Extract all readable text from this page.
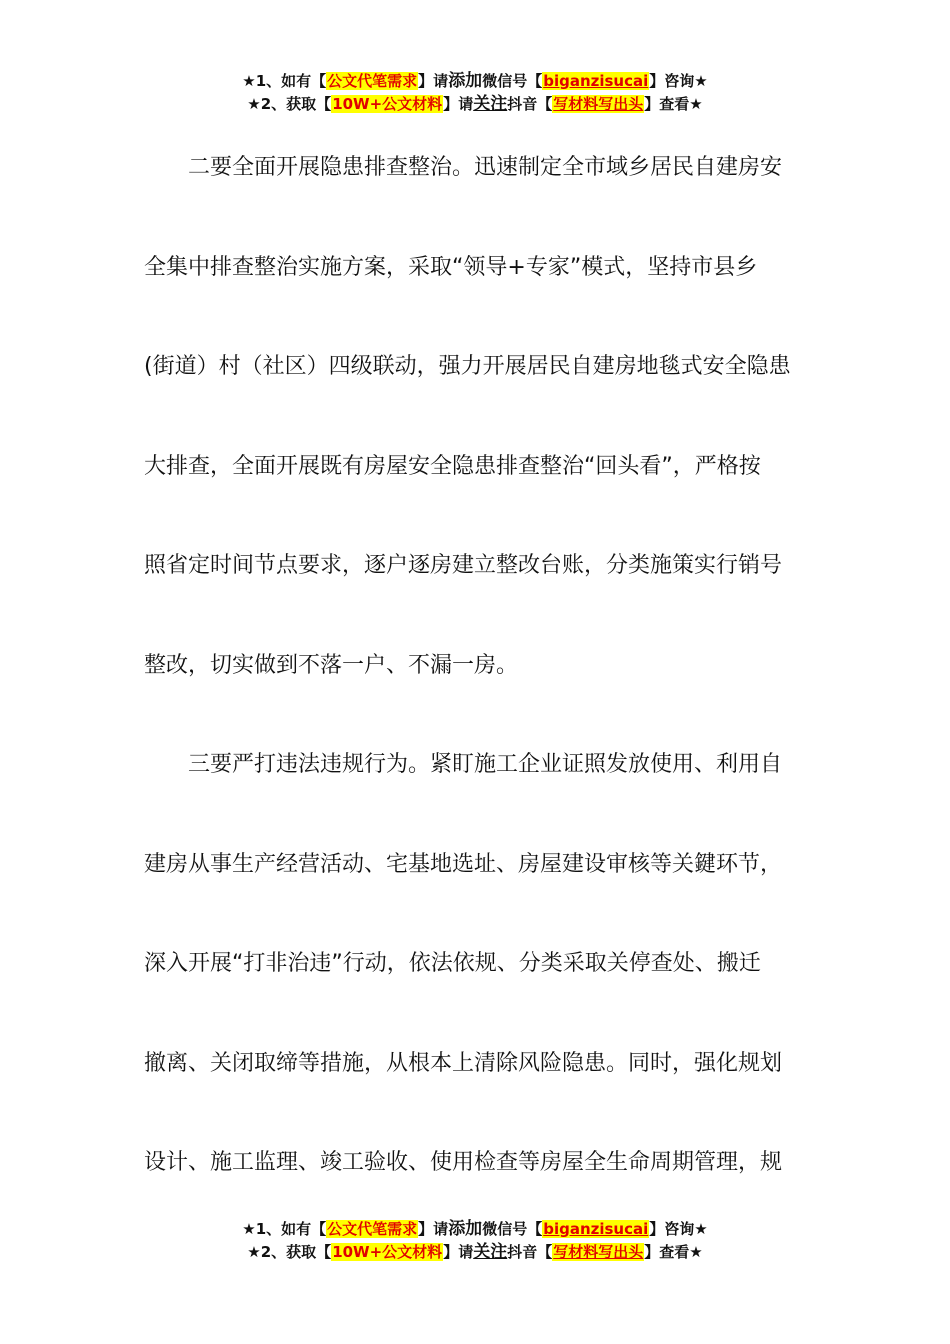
★1、如有【公文代笔需求】请添加微信号【biganzisucai】咨询★
★2、获取【10W+公文材料】请关注抖音【写材料写出头】查看★
二要全面开展隐患排查整治。迅速制定全市域乡居民自建房安
全集中排查整治实施方案，采取“领导+专家”模式，坚持市县乡
(街道）村（社区）四级联动，强力开展居民自建房地毯式安全隐患
大排查，全面开展既有房屋安全隐患排查整治“回头看”，严格按
照省定时间节点要求，逐户逐房建立整改台账，分类施策实行销号
整改，切实做到不落一户、不漏一房。
三要严打违法违规行为。紧盯施工企业证照发放使用、利用自
建房从事生产经营活动、宅基地选址、房屋建设审核等关鍵环节，
深入开展“打非治违”行动，依法依规、分类采取关停查处、搬迁
撤离、关闭取缔等措施，从根本上清除风险隐患。同时，强化规划
设计、施工监理、竣工验收、使用检查等房屋全生命周期管理，规
★1、如有【公文代笔需求】请添加微信号【biganzisucai】咨询★
★2、获取【10W+公文材料】请关注抖音【写材料写出头】查看★
